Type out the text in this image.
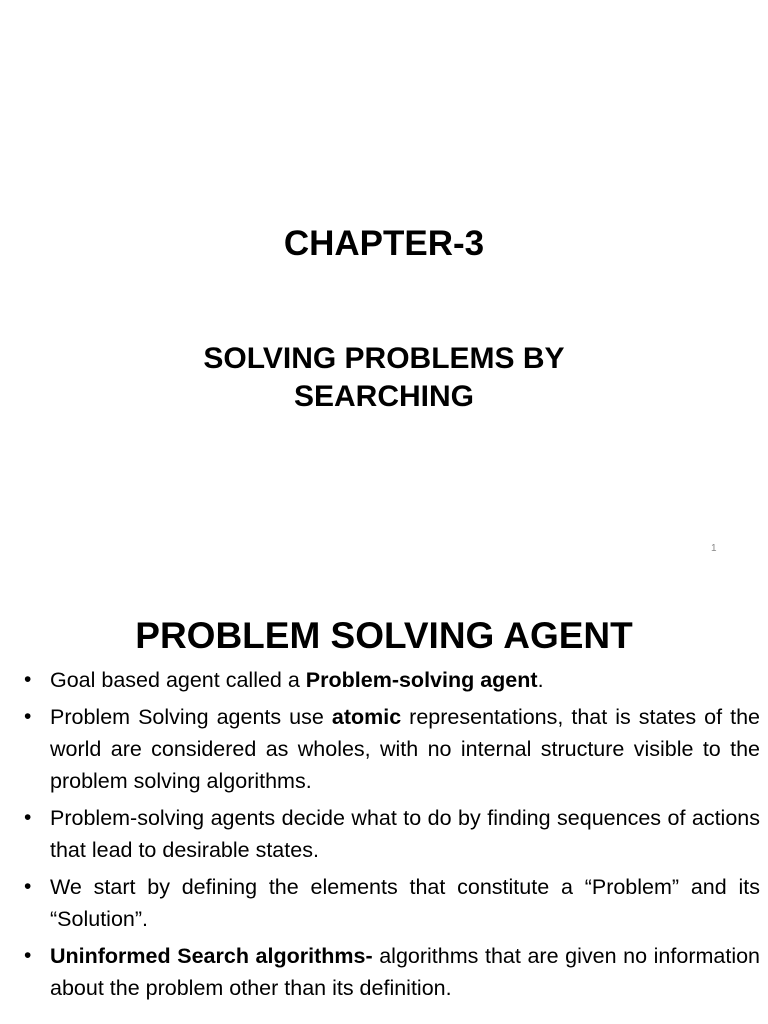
CHAPTER-3
SOLVING PROBLEMS BY SEARCHING
1
PROBLEM SOLVING AGENT
• Goal based agent called a Problem-solving agent.
• Problem Solving agents use atomic representations, that is states of the world are considered as wholes, with no internal structure visible to the problem solving algorithms.
• Problem-solving agents decide what to do by finding sequences of actions that lead to desirable states.
• We start by defining the elements that constitute a “Problem” and its “Solution”.
• Uninformed Search algorithms- algorithms that are given no information about the problem other than its definition.
